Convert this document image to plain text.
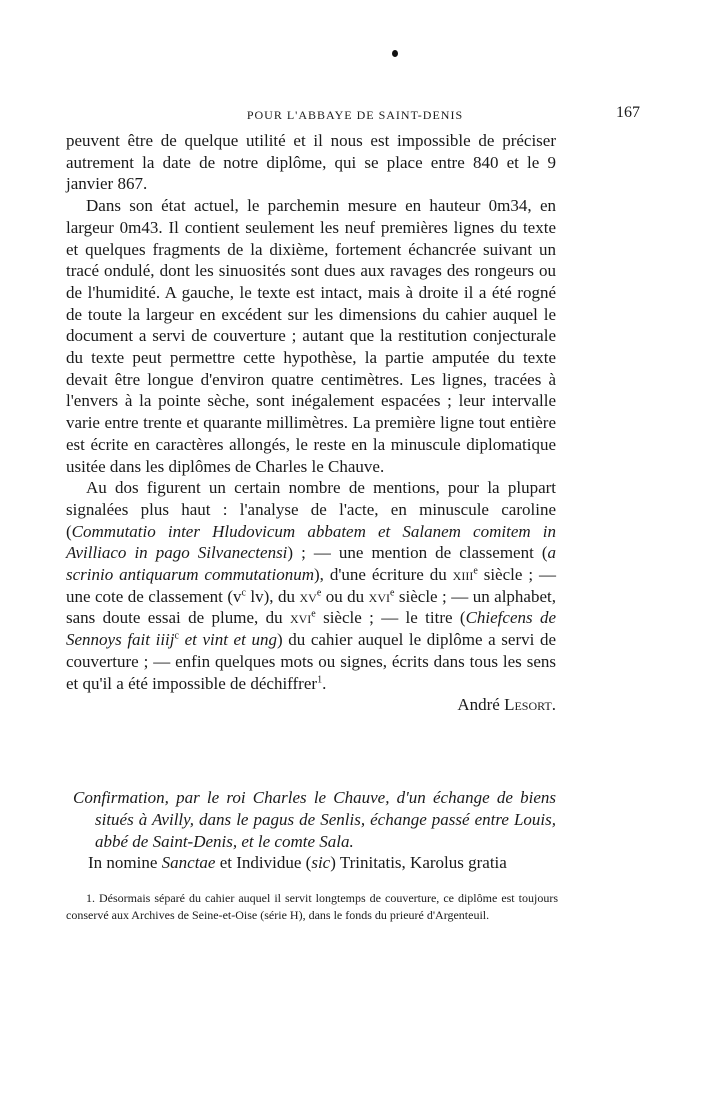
POUR L'ABBAYE DE SAINT-DENIS	167

peuvent être de quelque utilité et il nous est impossible de préciser autrement la date de notre diplôme, qui se place entre 840 et le 9 janvier 867.

Dans son état actuel, le parchemin mesure en hauteur 0m34, en largeur 0m43. Il contient seulement les neuf premières lignes du texte et quelques fragments de la dixième, fortement échancrée suivant un tracé ondulé, dont les sinuosités sont dues aux ravages des rongeurs ou de l'humidité. A gauche, le texte est intact, mais à droite il a été rogné de toute la largeur en excédent sur les dimensions du cahier auquel le document a servi de couverture ; autant que la restitution conjecturale du texte peut permettre cette hypothèse, la partie amputée du texte devait être longue d'environ quatre centimètres. Les lignes, tracées à l'envers à la pointe sèche, sont inégalement espacées ; leur intervalle varie entre trente et quarante millimètres. La première ligne tout entière est écrite en caractères allongés, le reste en la minuscule diplomatique usitée dans les diplômes de Charles le Chauve.

Au dos figurent un certain nombre de mentions, pour la plupart signalées plus haut : l'analyse de l'acte, en minuscule caroline (Commutatio inter Hludovicum abbatem et Salanem comitem in Avilliaco in pago Silvanectensi) ; — une mention de classement (a scrinio antiquarum commutationum), d'une écriture du xiii$^e$ siècle ; — une cote de classement ($v^c$ lv), du $xv^e$ ou du xvi$^e$ siècle ; — un alphabet, sans doute essai de plume, du xvi$^e$ siècle ; — le titre (Chiefcens de Sennoys fait iiij$^c$ et vint et ung) du cahier auquel le diplôme a servi de couverture ; — enfin quelques mots ou signes, écrits dans tous les sens et qu'il a été impossible de déchiffrer$^1$.

André Lesort.

Confirmation, par le roi Charles le Chauve, d'un échange de biens situés à Avilly, dans le pagus de Senlis, échange passé entre Louis, abbé de Saint-Denis, et le comte Sala.

In nomine Sanctae et Individue (sic) Trinitatis, Karolus gratia

1. Désormais séparé du cahier auquel il servit longtemps de couverture, ce diplôme est toujours conservé aux Archives de Seine-et-Oise (série H), dans le fonds du prieuré d'Argenteuil.
